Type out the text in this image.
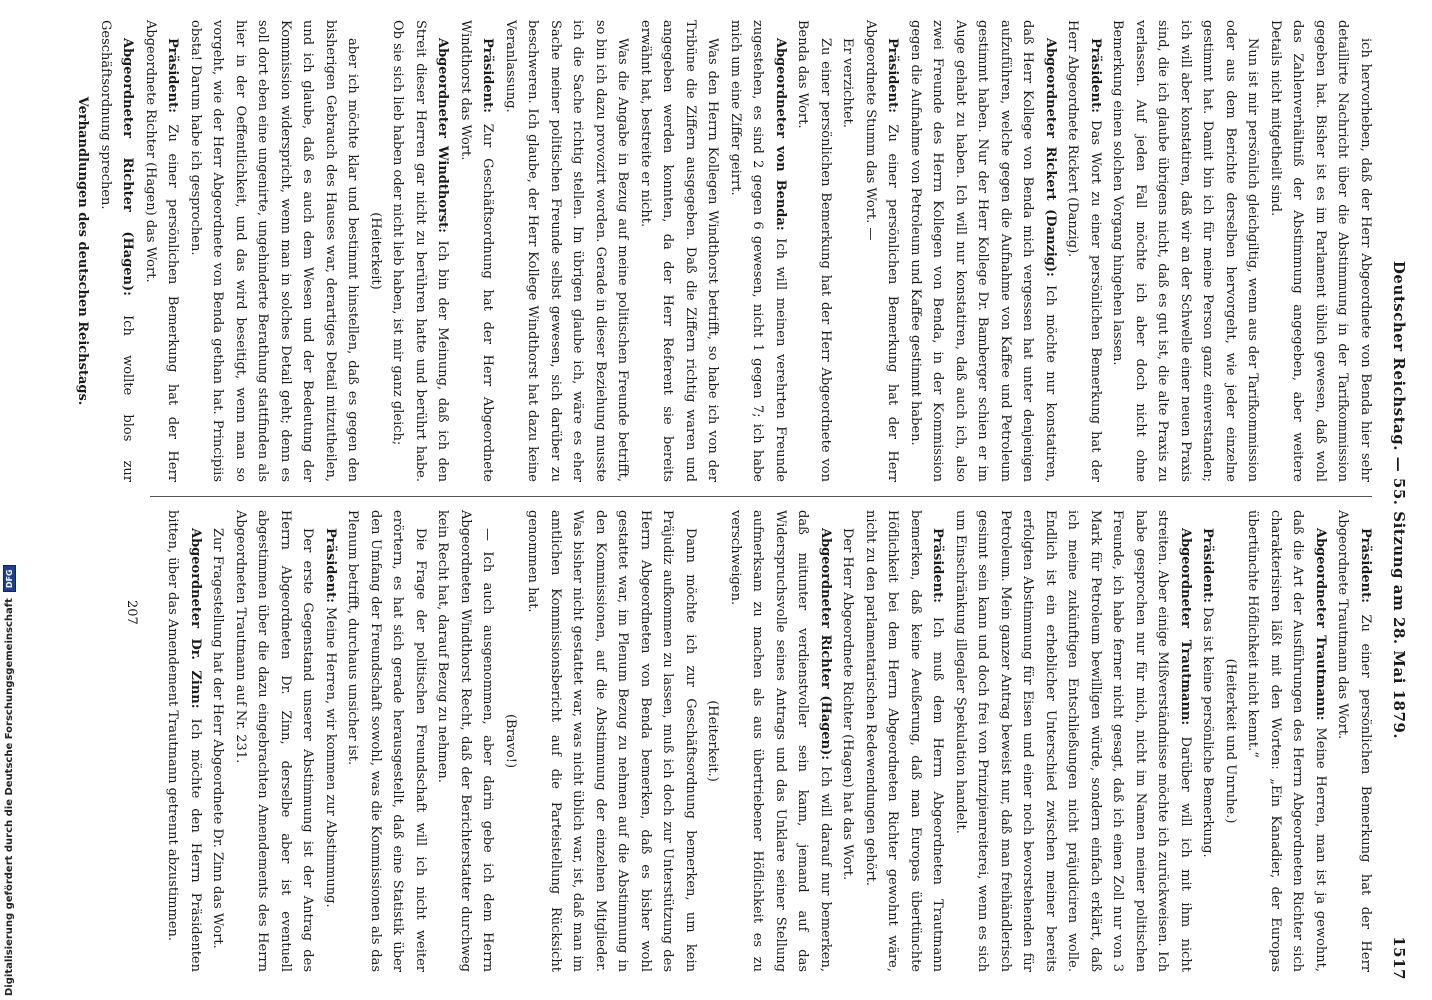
Deutscher Reichstag. — 55. Sitzung am 28. Mai 1879.
1517

ich hervorheben, daß der Herr Abgeordnete von Benda hier sehr detaillirte Nachricht über die Abstimmung in der Tarifkommission gegeben hat. Bisher ist es im Parlament üblich gewesen, daß wohl das Zahlenverhältniß der Abstimmung angegeben, aber weitere Details nicht mitgetheilt sind.

Nun ist mir persönlich gleichgiltig, wenn aus der Tarifkommission oder aus dem Berichte derselben hervorgeht, wie jeder einzelne gestimmt hat. Damit bin ich für meine Person ganz einverstanden; ich will aber konstatiren, daß wir an der Schwelle einer neuen Praxis sind, die ich glaube übrigens nicht, daß es gut ist, die alte Praxis zu verlassen. Auf jeden Fall möchte ich aber doch nicht ohne Bemerkung einen solchen Vorgang hingehen lassen.

Präsident: Das Wort zu einer persönlichen Bemerkung hat der Herr Abgeordnete Rickert (Danzig).

Abgeordneter Rickert (Danzig): Ich möchte nur konstatiren, daß Herr Kollege von Benda mich vergessen hat unter denjenigen aufzuführen, welche gegen die Aufnahme von Kaffee und Petroleum gestimmt haben. Nur der Herr Kollege Dr. Bamberger schien er im Auge gehabt zu haben. Ich will nur konstatiren, daß auch ich, also zwei Freunde des Herrn Kollegen von Benda, in der Kommission gegen die Aufnahme von Petroleum und Kaffee gestimmt haben.

Präsident: Zu einer persönlichen Bemerkung hat der Herr Abgeordnete Stumm das Wort. —

Er verzichtet.

Zu einer persönlichen Bemerkung hat der Herr Abgeordnete von Benda das Wort.

Abgeordneter von Benda: Ich will meinen verehrten Freunde zugestehen, es sind 2 gegen 6 gewesen, nicht 1 gegen 7; ich habe mich um eine Ziffer geirrt.

Was den Herrn Kollegen Windthorst betrifft, so habe ich von der Tribüne die Ziffern ausgegeben. Daß die Ziffern richtig waren und angegeben werden konnten, da der Herr Referent sie bereits erwähnt hat, bestreite er nicht.

Was die Angabe in Bezug auf meine politischen Freunde betrifft, so bin ich dazu provozirt worden. Gerade in dieser Beziehung musste ich die Sache richtig stellen. Im übrigen glaube ich, wäre es eher Sache meiner politischen Freunde selbst gewesen, sich darüber zu beschweren. Ich glaube, der Herr Kollege Windthorst hat dazu keine Veranlassung.

Präsident: Zur Geschäftsordnung hat der Herr Abgeordnete Windthorst das Wort.

Abgeordneter Windthorst: Ich bin der Meinung, daß ich den Streit dieser Herren gar nicht zu berühren hatte und berührt habe. Ob sie sich lieb haben oder nicht lieb haben, ist mir ganz gleich;

(Heiterkeit)

aber ich möchte klar und bestimmt hinstellen, daß es gegen den bisherigen Gebrauch des Hauses war, derartiges Detail mitzutheilen, und ich glaube, daß es auch dem Wesen und der Bedeutung der Kommission widerspricht, wenn man in solches Detail geht; denn es soll dort eben eine ungenirte, ungehinderte Berathung stattfinden als hier in der Oeffentlichkeit, und das wird beseitigt, wenn man so vorgeht, wie der Herr Abgeordnete von Benda gethan hat. Principiis obsta! Darum habe ich gesprochen.

Präsident: Zu einer persönlichen Bemerkung hat der Herr Abgeordnete Richter (Hagen) das Wort.

Abgeordneter Richter (Hagen): Ich wollte blos zur Geschäftsordnung sprechen.

Verhandlungen des deutschen Reichstags.

Präsident: Zu einer persönlichen Bemerkung hat der Herr Abgeordnete Trautmann das Wort.

Abgeordneter Trautmann: Meine Herren, man ist ja gewohnt, daß die Art der Ausführungen des Herrn Abgeordneten Richter sich charakterisiren läßt mit den Worten: „Ein Kanadier, der Europas übertünchte Höflichkeit nicht kennt.“

(Heiterkeit und Unruhe.)

Präsident: Das ist keine persönliche Bemerkung.

Abgeordneter Trautmann: Darüber will ich mit ihm nicht streiten. Aber einige Mißverständnisse möchte ich zurückweisen. Ich habe gesprochen nur für mich, nicht im Namen meiner politischen Freunde, ich habe ferner nicht gesagt, daß ich einen Zoll nur von 3 Mark für Petroleum bewilligen würde, sondern einfach erklärt, daß ich meine zukünftigen Entschließungen nicht präjudiciren wolle. Endlich ist ein erheblicher Unterschied zwischen meiner bereits erfolgten Abstimmung für Eisen und einer noch bevorstehenden für Petroleum. Mein ganzer Antrag beweist nur, daß man freihändlerisch gesinnt sein kann und doch frei von Prinzipienreiterei, wenn es sich um Einschränkung illegaler Spekulation handelt.

Präsident: Ich muß dem Herrn Abgeordneten Trautmann bemerken, daß keine Aeußerung, daß man Europas übertünchte Höflichkeit bei dem Herrn Abgeordneten Richter gewohnt wäre, nicht zu den parlamentarischen Redewendungen gehört.

Der Herr Abgeordnete Richter (Hagen) hat das Wort.

Abgeordneter Richter (Hagen): Ich will darauf nur bemerken, daß mitunter verdienstvoller sein kann, jemand auf das Widerspruchsvolle seines Antrags und das Unklare seiner Stellung aufmerksam zu machen als aus übertriebener Höflichkeit es zu verschweigen.

(Heiterkeit.)

Dann möchte ich zur Geschäftsordnung bemerken, um kein Präjudiz aufkommen zu lassen, muß ich doch zur Unterstützung des Herrn Abgeordneten von Benda bemerken, daß es bisher wohl gestattet war, im Plenum Bezug zu nehmen auf die Abstimmung in den Kommissionen, auf die Abstimmung der einzelnen Mitglieder. Was bisher nicht gestattet war, was nicht üblich war, ist, daß man im amtlichen Kommissionsbericht auf die Parteistellung Rücksicht genommen hat.

(Bravo!)

— Ich auch ausgenommen, aber darin gebe ich dem Herrn Abgeordneten Windthorst Recht, daß der Berichterstatter durchweg kein Recht hat, darauf Bezug zu nehmen.

Die Frage der politischen Freundschaft will ich nicht weiter erörtern, es hat sich gerade herausgestellt, daß eine Statistik über den Umfang der Freundschaft sowohl, was die Kommissionen als das Plenum betrifft, durchaus unsicher ist.

Präsident: Meine Herren, wir kommen zur Abstimmung.

Der erste Gegenstand unserer Abstimmung ist der Antrag des Herrn Abgeordneten Dr. Zinn, derselbe aber ist eventuell abgestimmen über die dazu eingebrachten Amendements des Herrn Abgeordneten Trautmann auf Nr. 231.

Zur Fragestellung hat der Herr Abgeordnete Dr. Zinn das Wort.

Abgeordneter Dr. Zinn: Ich möchte den Herrn Präsidenten bitten, über das Amendement Trautmann getrennt abzustimmen.

207
Digitalisierung gefördert durch die Deutsche Forschungsgemeinschaft
DFG
